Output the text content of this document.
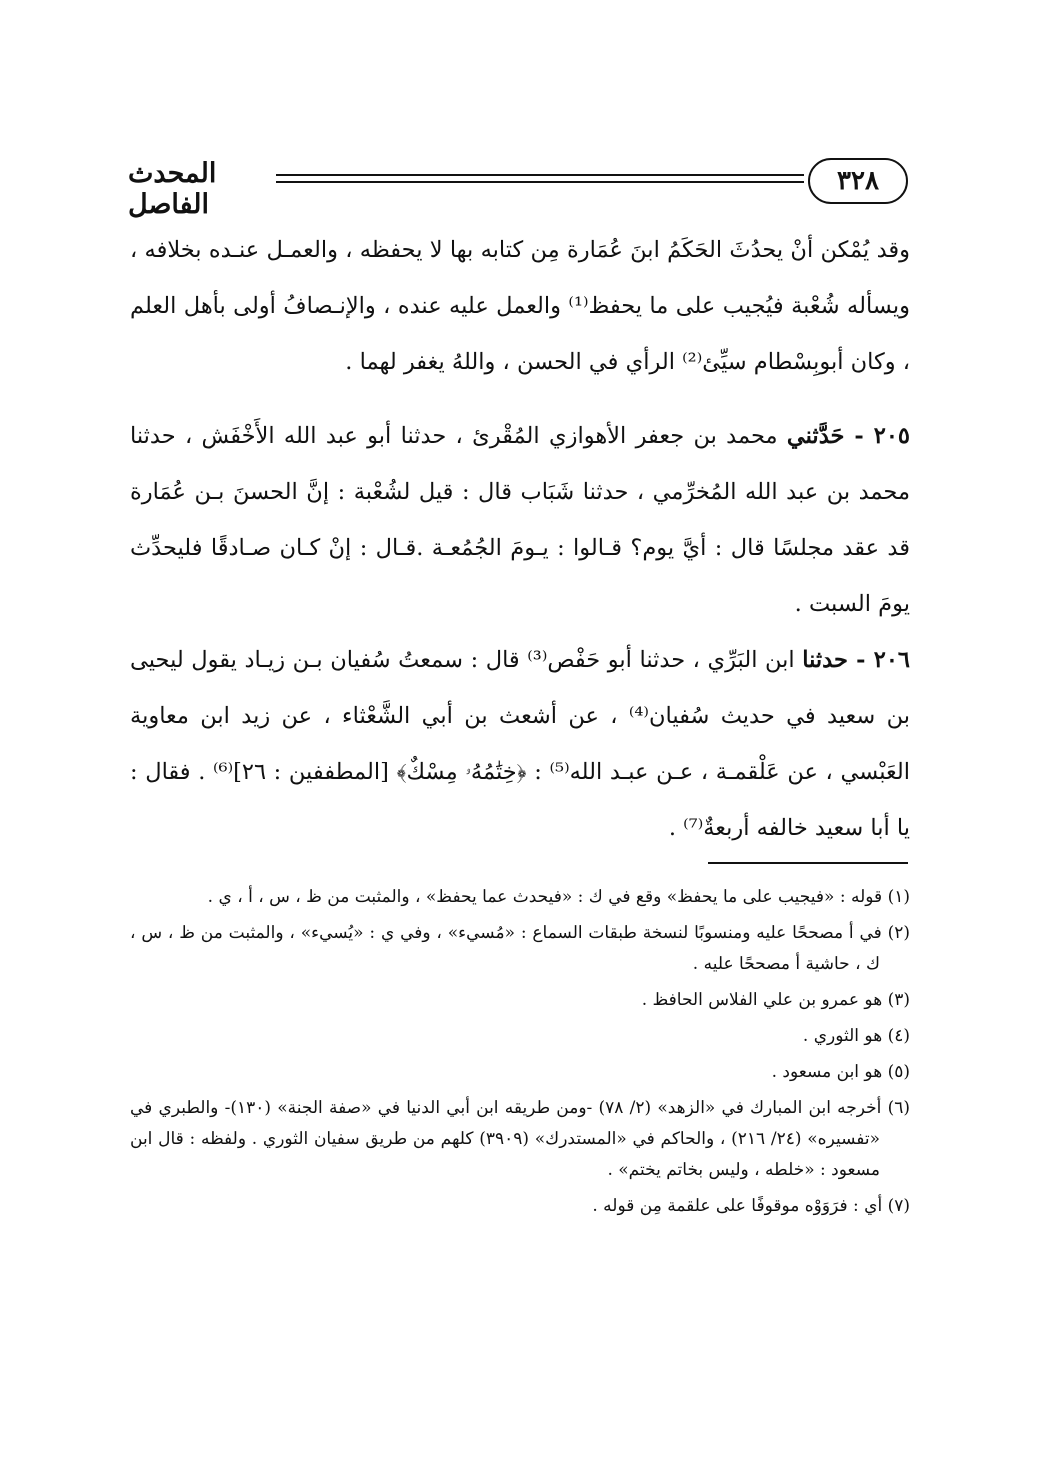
المحدث الفاصل
٣٢٨
وقد يُمْكن أنْ يحدُثَ الحَكَمُ ابنَ عُمَارة مِن كتابه بها لا يحفظه ، والعمـل عنـده بخلافه ، ويسأله شُعْبة فيُجيب على ما يحفظ⁽¹⁾ والعمل عليه عنده ، والإنـصافُ أولى بأهل العلم ، وكان أبوبِسْطام سيِّئ⁽²⁾ الرأي في الحسن ، واللهُ يغفر لهما .
٢٠٥ - حَدَّثني محمد بن جعفر الأهوازي المُقْرئ ، حدثنا أبو عبد الله الأَخْفَش ، حدثنا محمد بن عبد الله المُخرِّمي ، حدثنا شَبَاب قال : قيل لشُعْبة : إنَّ الحسنَ بـن عُمَارة قد عقد مجلسًا قال : أيَّ يوم؟ قـالوا : يـومَ الجُمُعـة .قـال : إنْ كـان صـادقًا فليحدِّث يومَ السبت .
٢٠٦ - حدثنا ابن البَرِّي ، حدثنا أبو حَفْص⁽³⁾ قال : سمعتُ سُفيان بـن زيـاد يقول ليحيى بن سعيد في حديث سُفيان⁽⁴⁾ ، عن أشعث بن أبي الشَّعْثاء ، عن زيد ابن معاوية العَبْسي ، عن عَلْقمـة ، عـن عبـد الله⁽⁵⁾ : ﴿خِتَٰمُهُۥ مِسْكٌ﴾ [المطففين : ٢٦]⁽⁶⁾ . فقال : يا أبا سعيد خالفه أربعةٌ⁽⁷⁾ .

(١) قوله : «فيجيب على ما يحفظ» وقع في ك : «فيحدث عما يحفظ» ، والمثبت من ظ ، س ، أ ، ي .

(٢) في أ مصححًا عليه ومنسوبًا لنسخة طبقات السماع : «مُسيء» ، وفي ي : «يُسيء» ، والمثبت من ظ ، س ، ك ، حاشية أ مصححًا عليه .

(٣) هو عمرو بن علي الفلاس الحافظ .

(٤) هو الثوري .

(٥) هو ابن مسعود .

(٦) أخرجه ابن المبارك في «الزهد» (٢/ ٧٨) -ومن طريقه ابن أبي الدنيا في «صفة الجنة» (١٣٠)- والطبري في «تفسيره» (٢٤/ ٢١٦) ، والحاكم في «المستدرك» (٣٩٠٩) كلهم من طريق سفيان الثوري . ولفظه : قال ابن مسعود : «خلطه ، وليس بخاتم يختم» .

(٧) أي : فرَوَوْه موقوفًا على علقمة مِن قوله .
